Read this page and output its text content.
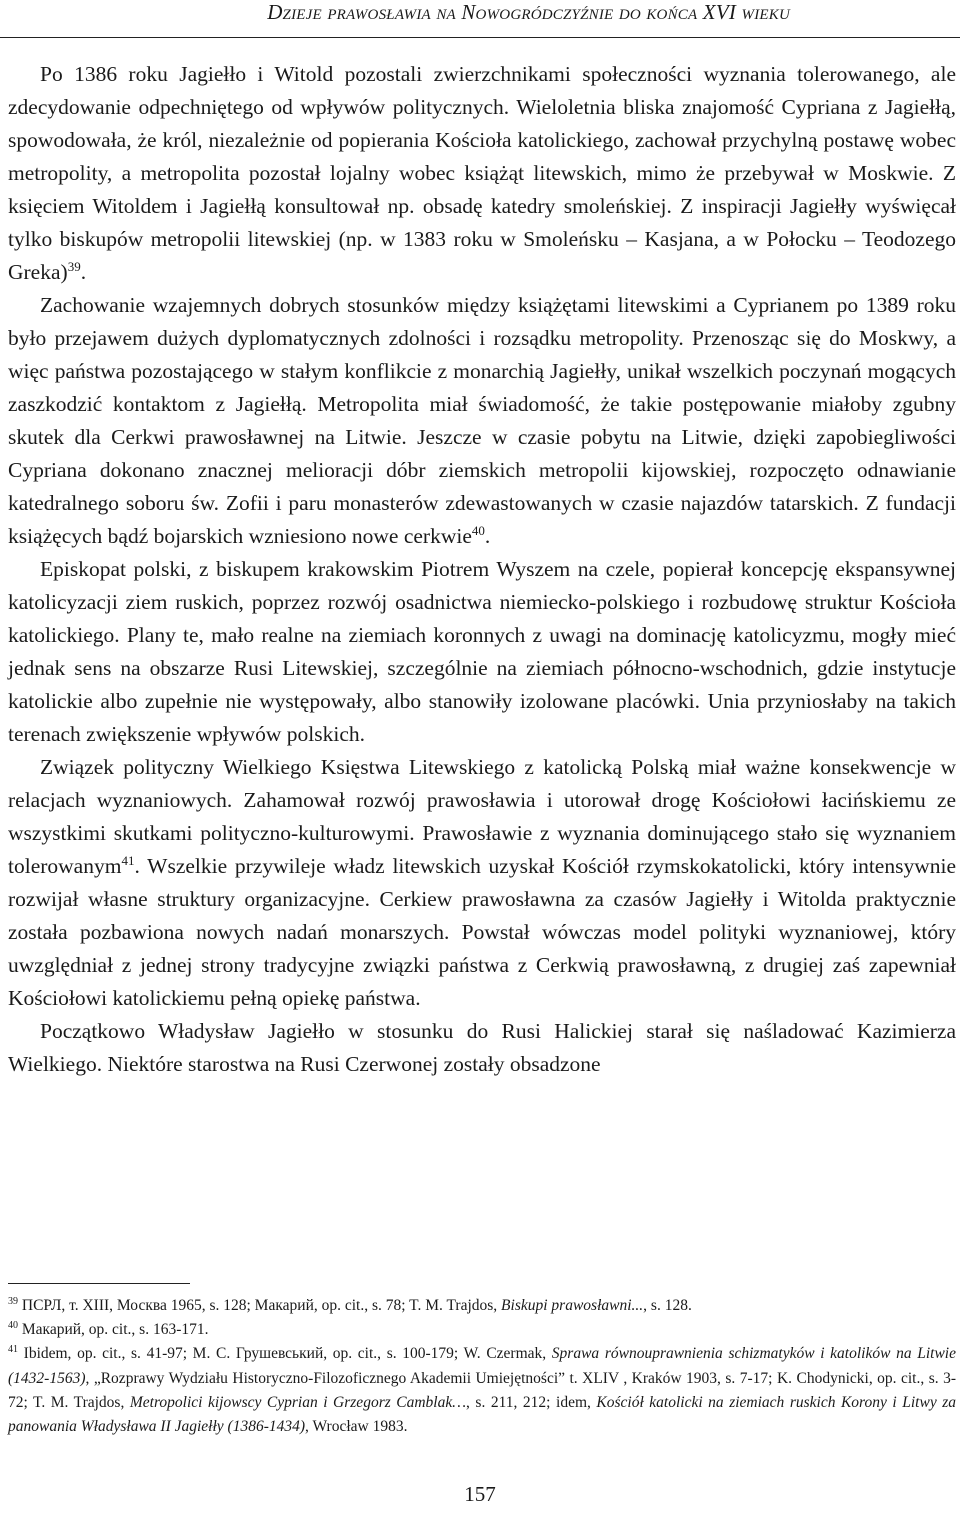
Dzieje prawosławia na Nowogródczyźnie do końca XVI wieku

Po 1386 roku Jagiełło i Witold pozostali zwierzchnikami społeczności wyznania tolerowanego, ale zdecydowanie odpechniętego od wpływów politycznych. Wieloletnia bliska znajomość Cypriana z Jagiełłą, spowodowała, że król, niezależnie od popierania Kościoła katolickiego, zachował przychylną postawę wobec metropolity, a metropolita pozostał lojalny wobec książąt litewskich, mimo że przebywał w Moskwie. Z księciem Witoldem i Jagiełłą konsultował np. obsadę katedry smoleńskiej. Z inspiracji Jagiełły wyświęcał tylko biskupów metropolii litewskiej (np. w 1383 roku w Smoleńsku – Kasjana, a w Połocku – Teodozego Greka)$^{39}$.

Zachowanie wzajemnych dobrych stosunków między książętami litewskimi a Cyprianem po 1389 roku było przejawem dużych dyplomatycznych zdolności i rozsądku metropolity. Przenosząc się do Moskwy, a więc państwa pozostającego w stałym konflikcie z monarchią Jagiełły, unikał wszelkich poczynań mogących zaszkodzić kontaktom z Jagiełłą. Metropolita miał świadomość, że takie postępowanie miałoby zgubny skutek dla Cerkwi prawosławnej na Litwie. Jeszcze w czasie pobytu na Litwie, dzięki zapobiegliwości Cypriana dokonano znacznej melioracji dóbr ziemskich metropolii kijowskiej, rozpoczęto odnawianie katedralnego soboru św. Zofii i paru monasterów zdewastowanych w czasie najazdów tatarskich. Z fundacji książęcych bądź bojarskich wzniesiono nowe cerkwie$^{40}$.

Episkopat polski, z biskupem krakowskim Piotrem Wyszem na czele, popierał koncepcję ekspansywnej katolicyzacji ziem ruskich, poprzez rozwój osadnictwa niemiecko-polskiego i rozbudowę struktur Kościoła katolickiego. Plany te, mało realne na ziemiach koronnych z uwagi na dominację katolicyzmu, mogły mieć jednak sens na obszarze Rusi Litewskiej, szczególnie na ziemiach północno-wschodnich, gdzie instytucje katolickie albo zupełnie nie występowały, albo stanowiły izolowane placówki. Unia przyniosłaby na takich terenach zwiększenie wpływów polskich.

Związek polityczny Wielkiego Księstwa Litewskiego z katolicką Polską miał ważne konsekwencje w relacjach wyznaniowych. Zahamował rozwój prawosławia i utorował drogę Kościołowi łacińskiemu ze wszystkimi skutkami polityczno-kulturowymi. Prawosławie z wyznania dominującego stało się wyznaniem tolerowanym$^{41}$. Wszelkie przywileje władz litewskich uzyskał Kościół rzymskokatolicki, który intensywnie rozwijał własne struktury organizacyjne. Cerkiew prawosławna za czasów Jagiełły i Witolda praktycznie została pozbawiona nowych nadań monarszych. Powstał wówczas model polityki wyznaniowej, który uwzględniał z jednej strony tradycyjne związki państwa z Cerkwią prawosławną, z drugiej zaś zapewniał Kościołowi katolickiemu pełną opiekę państwa.

Początkowo Władysław Jagiełło w stosunku do Rusi Halickiej starał się naśladować Kazimierza Wielkiego. Niektóre starostwa na Rusi Czerwonej zostały obsadzone

$^{39}$ ПСРЛ, т. XIII, Москва 1965, s. 128; Макарий, op. cit., s. 78; T. M. Trajdos, Biskupi prawosławni..., s. 128.

$^{40}$ Макарий, op. cit., s. 163-171.

$^{41}$ Ibidem, op. cit., s. 41-97; M. С. Грушевський, op. cit., s. 100-179; W. Czermak, Sprawa równouprawnienia schizmatyków i katolików na Litwie (1432-1563), „Rozprawy Wydziału Historyczno-Filozoficznego Akademii Umiejętności” t. XLIV , Kraków 1903, s. 7-17; K. Chodynicki, op. cit., s. 3-72; T. M. Trajdos, Metropolici kijowscy Cyprian i Grzegorz Camblak…, s. 211, 212; idem, Kościół katolicki na ziemiach ruskich Korony i Litwy za panowania Władysława II Jagiełły (1386-1434), Wrocław 1983.

157
